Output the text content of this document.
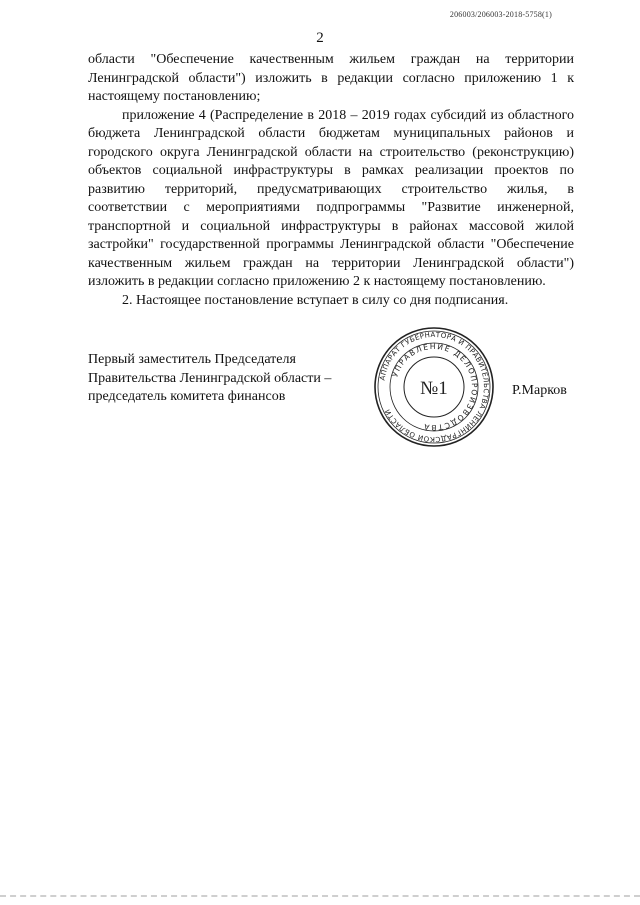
206003/206003-2018-5758(1)
2

области "Обеспечение качественным жильем граждан на территории Ленинградской области") изложить в редакции согласно приложению 1 к настоящему постановлению;

приложение 4 (Распределение в 2018 – 2019 годах субсидий из областного бюджета Ленинградской области бюджетам муниципальных районов и городского округа Ленинградской области на строительство (реконструкцию) объектов социальной инфраструктуры в рамках реализации проектов по развитию территорий, предусматривающих строительство жилья, в соответствии с мероприятиями подпрограммы "Развитие инженерной, транспортной и социальной инфраструктуры в районах массовой жилой застройки" государственной программы Ленинградской области "Обеспечение качественным жильем граждан на территории Ленинградской области") изложить в редакции согласно приложению 2 к настоящему постановлению.

2. Настоящее постановление вступает в силу со дня подписания.

Первый заместитель Председателя
Правительства Ленинградской области –
председатель комитета финансов
АППАРАТ ГУБЕРНАТОРА И ПРАВИТЕЛЬСТВА ЛЕНИНГРАДСКОЙ ОБЛАСТИ
УПРАВЛЕНИЕ ДЕЛОПРОИЗВОДСТВА
№1	Р.Марков
